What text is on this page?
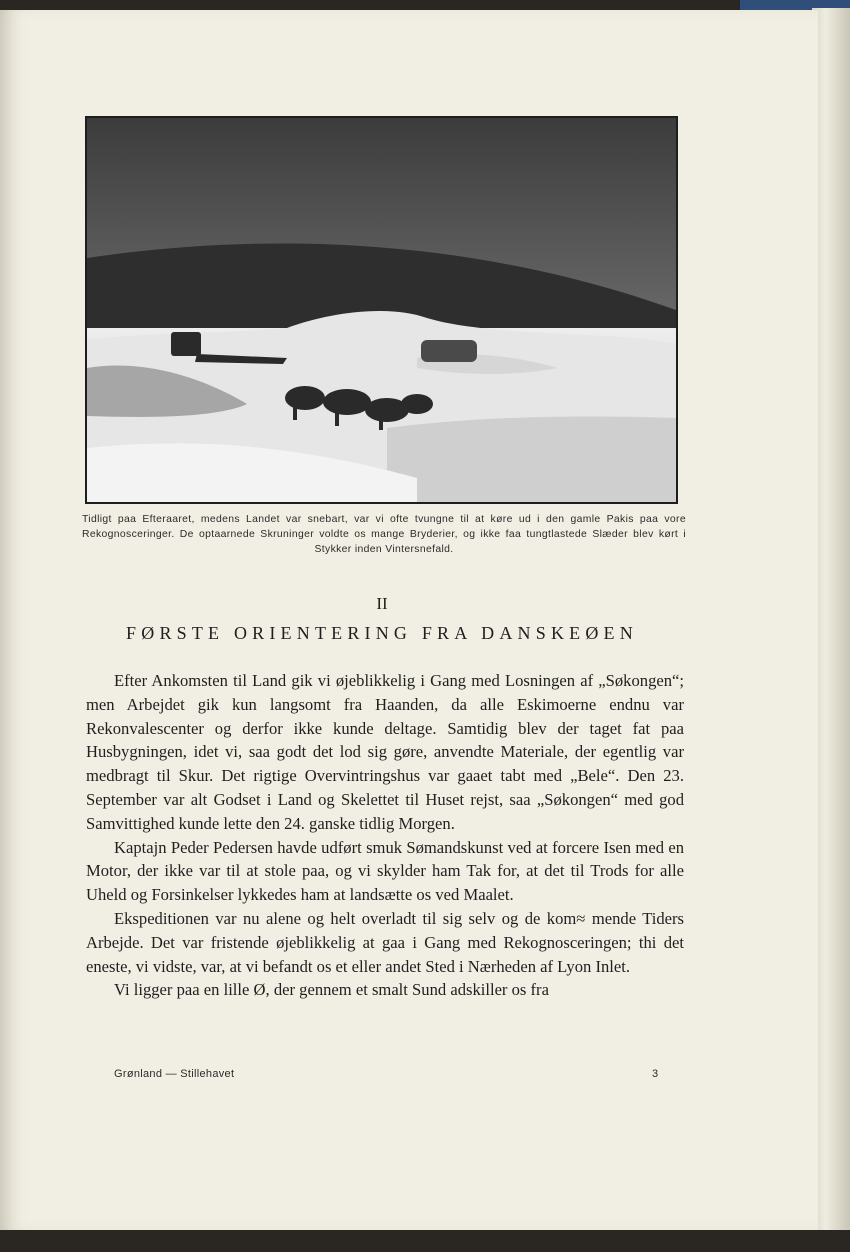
Tidligt paa Efteraaret, medens Landet var snebart, var vi ofte tvungne til at køre ud i den gamle Pakis paa vore Rekognosceringer. De optaarnede Skruninger voldte os mange Bryderier, og ikke faa tungtlastede Slæder blev kørt i Stykker inden Vintersnefald.
II
FØRSTE ORIENTERING FRA DANSKEØEN

Efter Ankomsten til Land gik vi øjeblikkelig i Gang med Losningen af „Søkongen“; men Arbejdet gik kun langsomt fra Haanden, da alle Eskimoerne endnu var Rekonvalescenter og derfor ikke kunde deltage. Samtidig blev der taget fat paa Husbygningen, idet vi, saa godt det lod sig gøre, anvendte Materiale, der egentlig var medbragt til Skur. Det rigtige Overvintringshus var gaaet tabt med „Bele“. Den 23. September var alt Godset i Land og Skelettet til Huset rejst, saa „Søkongen“ med god Samvittighed kunde lette den 24. ganske tidlig Morgen.

Kaptajn Peder Pedersen havde udført smuk Sømandskunst ved at forcere Isen med en Motor, der ikke var til at stole paa, og vi skylder ham Tak for, at det til Trods for alle Uheld og Forsinkelser lykkedes ham at landsætte os ved Maalet.

Ekspeditionen var nu alene og helt overladt til sig selv og de kom≈ mende Tiders Arbejde. Det var fristende øjeblikkelig at gaa i Gang med Rekognosceringen; thi det eneste, vi vidste, var, at vi befandt os et eller andet Sted i Nærheden af Lyon Inlet.

Vi ligger paa en lille Ø, der gennem et smalt Sund adskiller os fra

Grønland — Stillehavet	3
